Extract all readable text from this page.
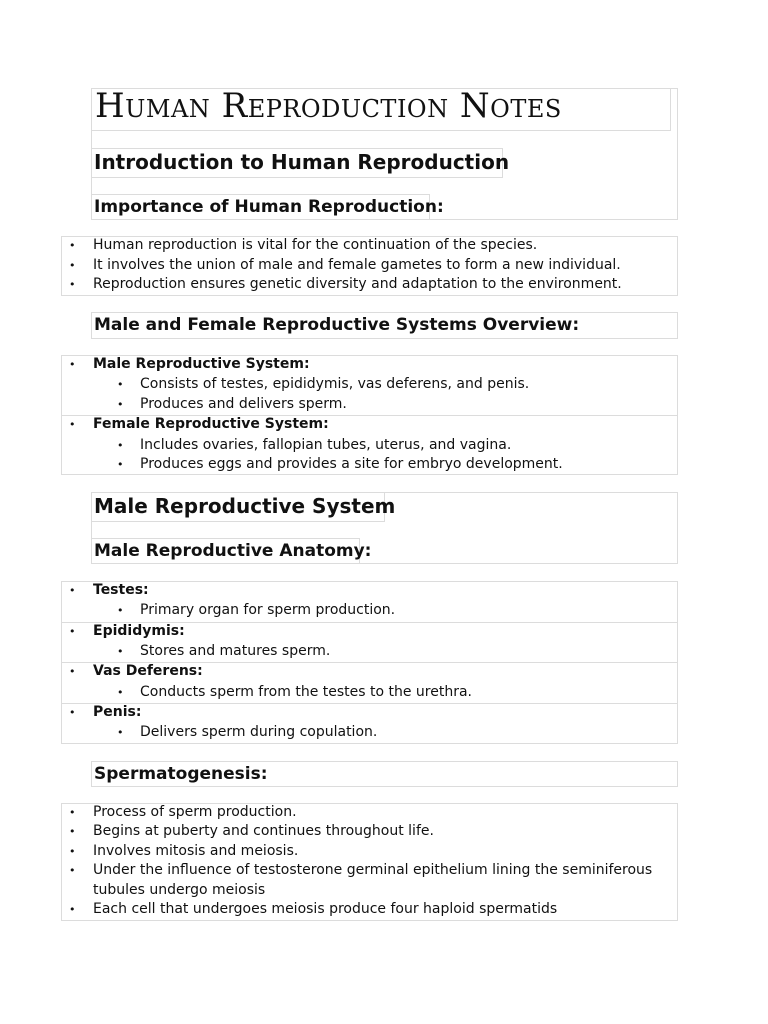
Human Reproduction Notes
Introduction to Human Reproduction
Importance of Human Reproduction:
• Human reproduction is vital for the continuation of the species.
• It involves the union of male and female gametes to form a new individual.
• Reproduction ensures genetic diversity and adaptation to the environment.
Male and Female Reproductive Systems Overview:
• Male Reproductive System:
• Consists of testes, epididymis, vas deferens, and penis.
• Produces and delivers sperm.
• Female Reproductive System:
• Includes ovaries, fallopian tubes, uterus, and vagina.
• Produces eggs and provides a site for embryo development.
Male Reproductive System
Male Reproductive Anatomy:
• Testes:
• Primary organ for sperm production.
• Epididymis:
• Stores and matures sperm.
• Vas Deferens:
• Conducts sperm from the testes to the urethra.
• Penis:
• Delivers sperm during copulation.
Spermatogenesis:
• Process of sperm production.
• Begins at puberty and continues throughout life.
• Involves mitosis and meiosis.
• Under the influence of testosterone germinal epithelium lining the seminiferous
tubules undergo meiosis
• Each cell that undergoes meiosis produce four haploid spermatids
